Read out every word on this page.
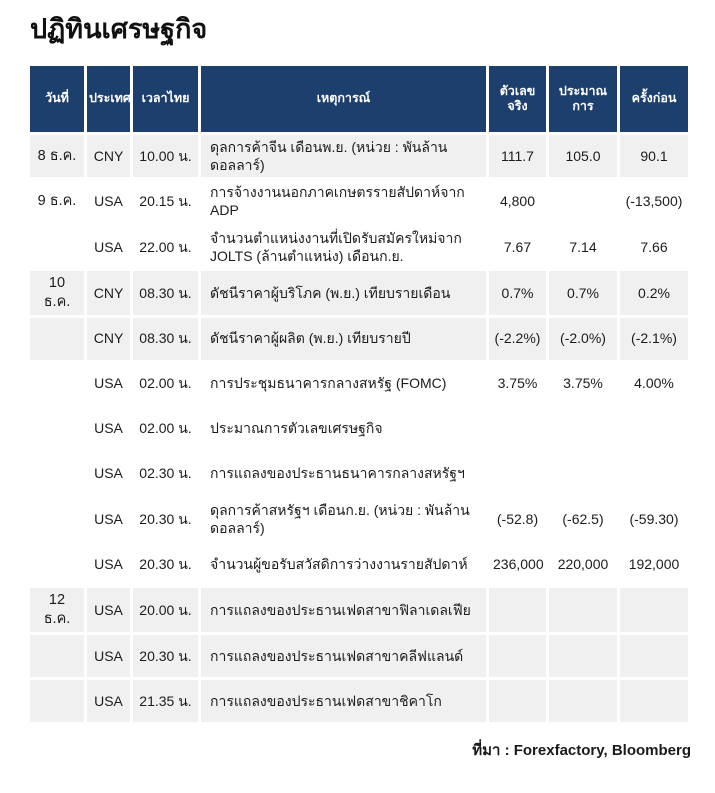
ปฏิทินเศรษฐกิจ
วันที่	ประเทศ	เวลาไทย	เหตุการณ์	ตัวเลขจริง	ประมาณการ	ครั้งก่อน
8 ธ.ค.	CNY	10.00 น.	ดุลการค้าจีน เดือนพ.ย. (หน่วย : พันล้านดอลลาร์)	111.7	105.0	90.1
9 ธ.ค.	USA	20.15 น.	การจ้างงานนอกภาคเกษตรรายสัปดาห์จาก ADP	4,800		(-13,500)
	USA	22.00 น.	จำนวนตำแหน่งงานที่เปิดรับสมัครใหม่จาก JOLTS (ล้านตำแหน่ง) เดือนก.ย.	7.67	7.14	7.66
10 ธ.ค.	CNY	08.30 น.	ดัชนีราคาผู้บริโภค (พ.ย.) เทียบรายเดือน	0.7%	0.7%	0.2%
	CNY	08.30 น.	ดัชนีราคาผู้ผลิต (พ.ย.) เทียบรายปี	(-2.2%)	(-2.0%)	(-2.1%)
	USA	02.00 น.	การประชุมธนาคารกลางสหรัฐ (FOMC)	3.75%	3.75%	4.00%
	USA	02.00 น.	ประมาณการตัวเลขเศรษฐกิจ			
	USA	02.30 น.	การแถลงของประธานธนาคารกลางสหรัฐฯ			
	USA	20.30 น.	ดุลการค้าสหรัฐฯ เดือนก.ย. (หน่วย : พันล้าน ดอลลาร์)	(-52.8)	(-62.5)	(-59.30)
	USA	20.30 น.	จำนวนผู้ขอรับสวัสดิการว่างงานรายสัปดาห์	236,000	220,000	192,000
12 ธ.ค.	USA	20.00 น.	การแถลงของประธานเฟดสาขาฟิลาเดลเฟีย			
	USA	20.30 น.	การแถลงของประธานเฟดสาขาคลีฟแลนด์			
	USA	21.35 น.	การแถลงของประธานเฟดสาขาชิคาโก			
ที่มา : Forexfactory, Bloomberg
